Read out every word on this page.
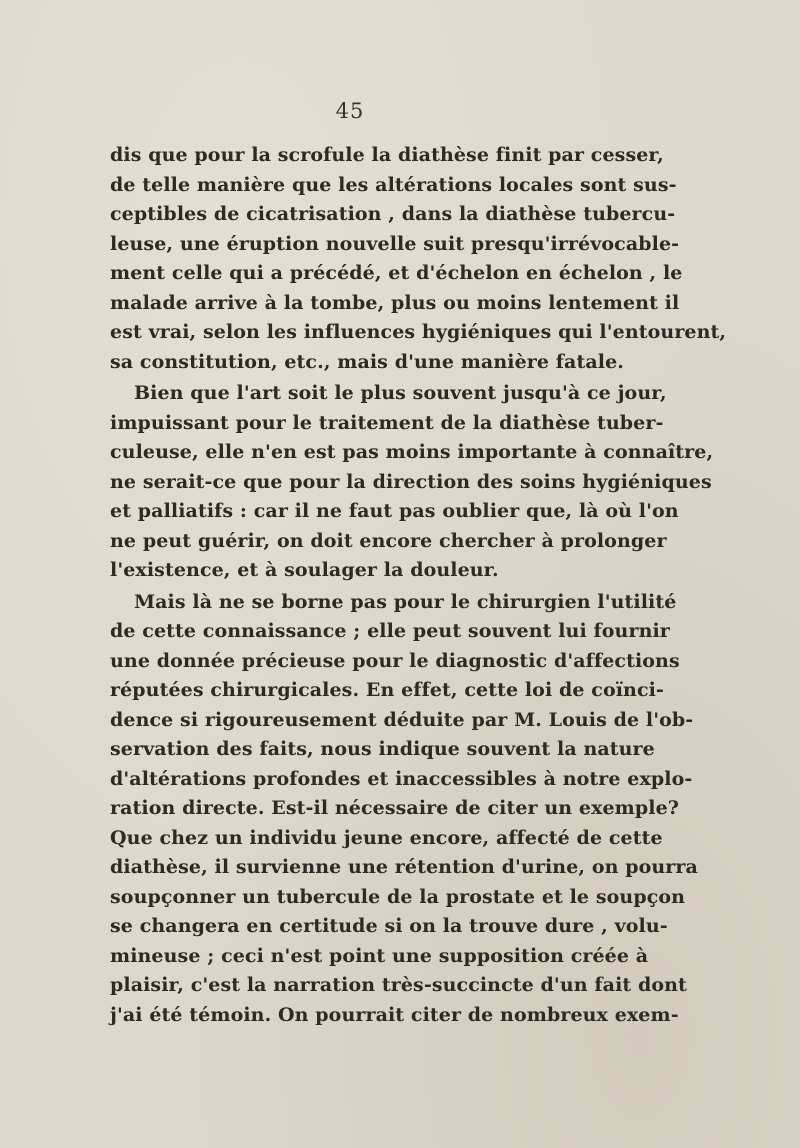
45
dis que pour la scrofule la diathèse finit par cesser,
de telle manière que les altérations locales sont sus-
ceptibles de cicatrisation , dans la diathèse tubercu-
leuse, une éruption nouvelle suit presqu'irrévocable-
ment celle qui a précédé, et d'échelon en échelon , le
malade arrive à la tombe, plus ou moins lentement il
est vrai, selon les influences hygiéniques qui l'entourent,
sa constitution, etc., mais d'une manière fatale.
Bien que l'art soit le plus souvent jusqu'à ce jour,
impuissant pour le traitement de la diathèse tuber-
culeuse, elle n'en est pas moins importante à connaître,
ne serait-ce que pour la direction des soins hygiéniques
et palliatifs : car il ne faut pas oublier que, là où l'on
ne peut guérir, on doit encore chercher à prolonger
l'existence, et à soulager la douleur.
Mais là ne se borne pas pour le chirurgien l'utilité
de cette connaissance ; elle peut souvent lui fournir
une donnée précieuse pour le diagnostic d'affections
réputées chirurgicales. En effet, cette loi de coïnci-
dence si rigoureusement déduite par M. Louis de l'ob-
servation des faits, nous indique souvent la nature
d'altérations profondes et inaccessibles à notre explo-
ration directe. Est-il nécessaire de citer un exemple?
Que chez un individu jeune encore, affecté de cette
diathèse, il survienne une rétention d'urine, on pourra
soupçonner un tubercule de la prostate et le soupçon
se changera en certitude si on la trouve dure , volu-
mineuse ; ceci n'est point une supposition créée à
plaisir, c'est la narration très-succincte d'un fait dont
j'ai été témoin. On pourrait citer de nombreux exem-
